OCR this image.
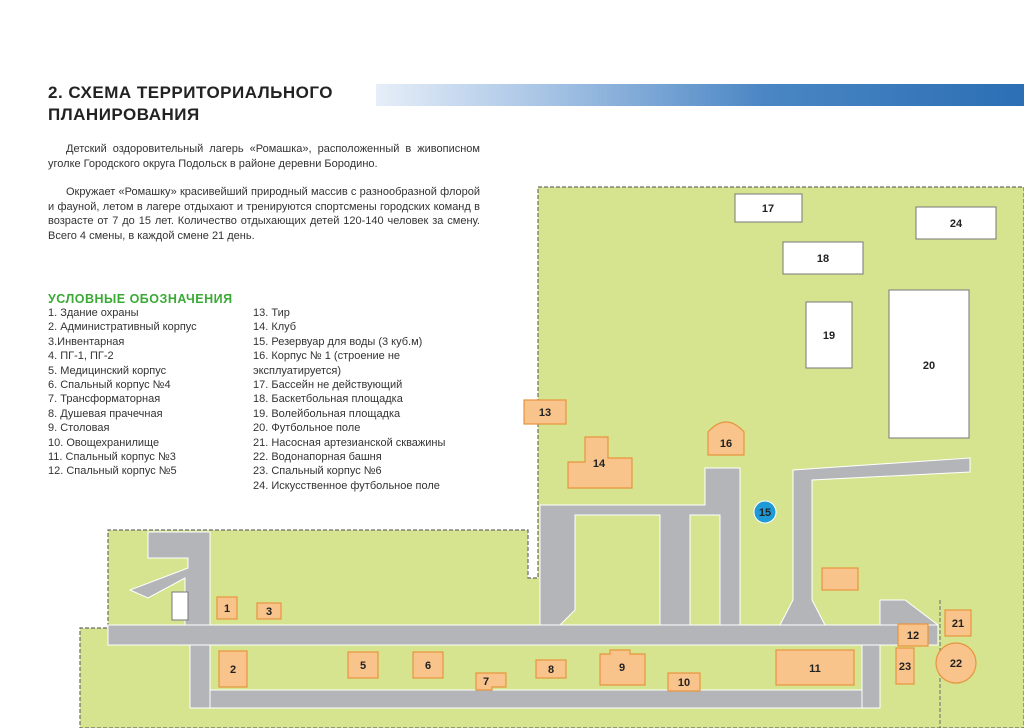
2. СХЕМА ТЕРРИТОРИАЛЬНОГО ПЛАНИРОВАНИЯ

Детский оздоровительный лагерь «Ромашка», расположенный в живописном уголке Городского округа Подольск в районе деревни Бородино.

Окружает «Ромашку» красивейший природный массив с разнообразной флорой и фауной, летом в лагере отдыхают и тренируются спортсмены городских команд в возрасте от 7 до 15 лет. Количество отдыхающих детей 120-140 человек за смену. Всего 4 смены, в каждой смене 21 день.

УСЛОВНЫЕ ОБОЗНАЧЕНИЯ
1. Здание охраны
2. Административный корпус
3.Инвентарная
4. ПГ-1, ПГ-2
5. Медицинский корпус
6. Спальный корпус №4
7. Трансформаторная
8. Душевая прачечная
9. Столовая
10. Овощехранилище
11. Спальный корпус №3
12. Спальный корпус №5
13. Тир
14. Клуб
15. Резервуар для воды (3 куб.м)
16. Корпус № 1 (строение не эксплуатируется)
17. Бассейн не действующий
18. Баскетбольная площадка
19. Волейбольная площадка
20. Футбольное поле
21. Насосная артезианской скважины
22. Водонапорная башня
23. Спальный корпус №6
24. Искусственное футбольное поле
1
2
3
5	6
7
8	9
10
11
12
13
14
15
16
17
18
19
20
21
22
23
24
